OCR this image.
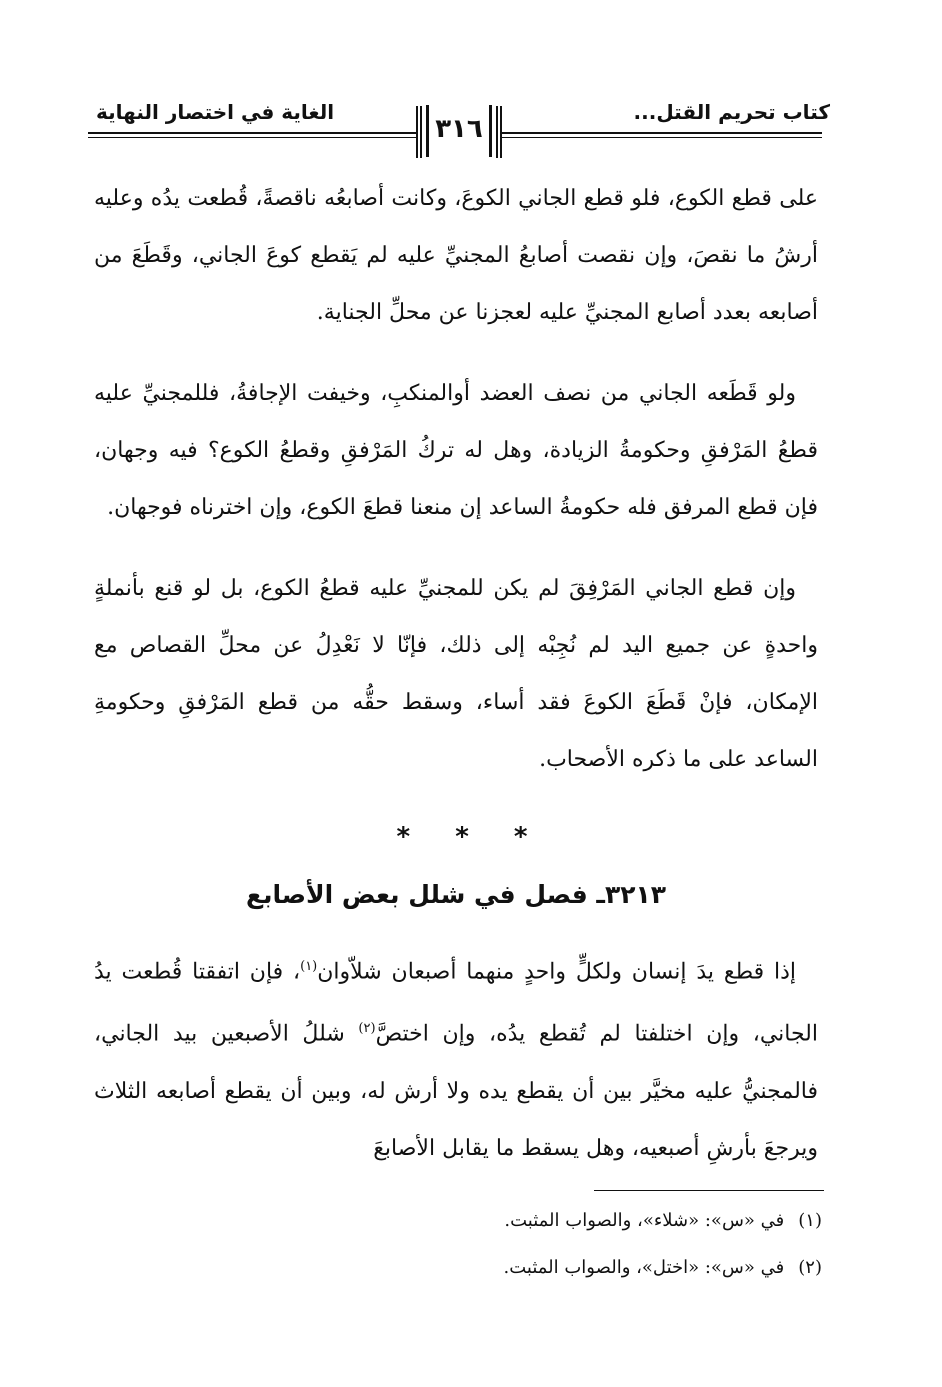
كتاب تحريم القتل...
الغاية في اختصار النهاية
٣١٦

على قطع الكوع، فلو قطع الجاني الكوعَ، وكانت أصابعُه ناقصةً، قُطعت يدُه وعليه أرشُ ما نقصَ، وإن نقصت أصابعُ المجنيِّ عليه لم يَقطع كوعَ الجاني، وقَطَعَ من أصابعه بعدد أصابع المجنيِّ عليه لعجزنا عن محلِّ الجناية.

ولو قَطَعه الجاني من نصف العضد أوالمنكبِ، وخيفت الإجافةُ، فللمجنيِّ عليه قطعُ المَرْفقِ وحكومةُ الزيادة، وهل له تركُ المَرْفقِ وقطعُ الكوع؟ فيه وجهان، فإن قطع المرفق فله حكومةُ الساعد إن منعنا قطعَ الكوع، وإن اخترناه فوجهان.

وإن قطع الجاني المَرْفِقَ لم يكن للمجنيِّ عليه قطعُ الكوع، بل لو قنع بأنملةٍ واحدةٍ عن جميع اليد لم نُجِبْه إلى ذلك، فإنّا لا نَعْدِلُ عن محلِّ القصاص مع الإمكان، فإنْ قَطَعَ الكوعَ فقد أساء، وسقط حقُّه من قطع المَرْفقِ وحكومةِ الساعد على ما ذكره الأصحاب.

* * *
٣٢١٣ـ فصل في شلل بعض الأصابع

إذا قطع يدَ إنسان ولكلٍّ واحدٍ منهما أصبعان شلاّوان$^{(١)}$، فإن اتفقتا قُطعت يدُ الجاني، وإن اختلفتا لم تُقطع يدُه، وإن اختصَّ$^{(٢)}$ شللُ الأصبعين بيد الجاني، فالمجنيُّ عليه مخيَّر بين أن يقطع يده ولا أرش له، وبين أن يقطع أصابعه الثلاث ويرجعَ بأرشِ أصبعيه، وهل يسقط ما يقابل الأصابعَ

(١)في «س»: «شلاء»، والصواب المثبت.
(٢)في «س»: «اختل»، والصواب المثبت.
